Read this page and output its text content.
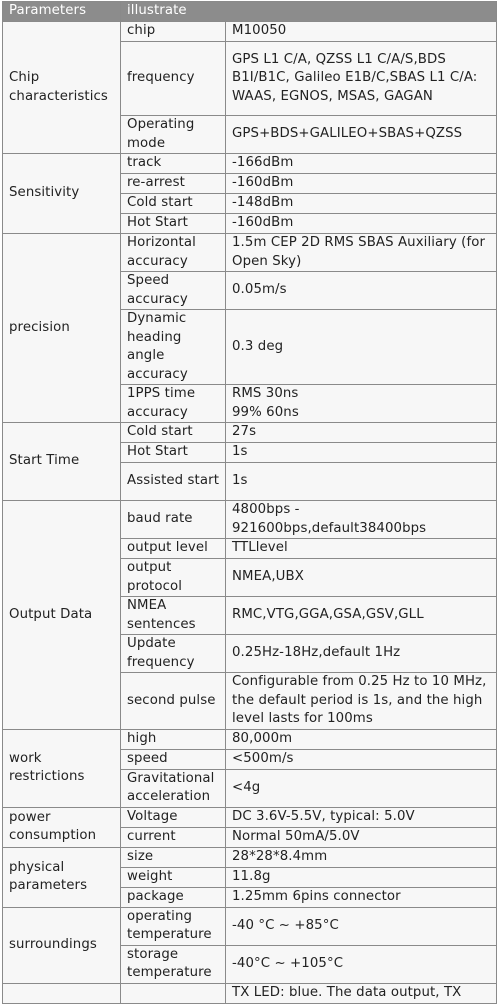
Parameters	illustrate	
Chip characteristics	chip	M10050
	frequency	GPS L1 C/A, QZSS L1 C/A/S,BDS B1I/B1C, Galileo E1B/C,SBAS L1 C/A: WAAS, EGNOS, MSAS, GAGAN
	Operating mode	GPS+BDS+GALILEO+SBAS+QZSS
Sensitivity	track	-166dBm
	re-arrest	-160dBm
	Cold start	-148dBm
	Hot Start	-160dBm
precision	Horizontal accuracy	1.5m CEP 2D RMS SBAS Auxiliary (for Open Sky)
	Speed accuracy	0.05m/s
	Dynamic heading angle accuracy	0.3 deg
	1PPS time accuracy	RMS 30ns
99% 60ns

Start Time	Cold start	27s
	Hot Start	1s
	Assisted start	1s
Output Data	baud rate	4800bps - 921600bps,default38400bps
	output level	TTLlevel
	output protocol	NMEA,UBX
	NMEA sentences	RMC,VTG,GGA,GSA,GSV,GLL
	Update frequency	0.25Hz-18Hz,default 1Hz
	second pulse	Configurable from 0.25 Hz to 10 MHz, the default period is 1s, and the high level lasts for 100ms
work restrictions	high	80,000m
	speed	<500m/s
	Gravitational acceleration	<4g
power consumption	Voltage	DC 3.6V-5.5V, typical: 5.0V
	current	Normal 50mA/5.0V
physical parameters	size	28*28*8.4mm
	weight	11.8g
	package	1.25mm 6pins connector
surroundings	operating temperature	-40 °C ~ +85°C
	storage temperature	-40°C ~ +105°C
		TX LED: blue. The data output, TX
